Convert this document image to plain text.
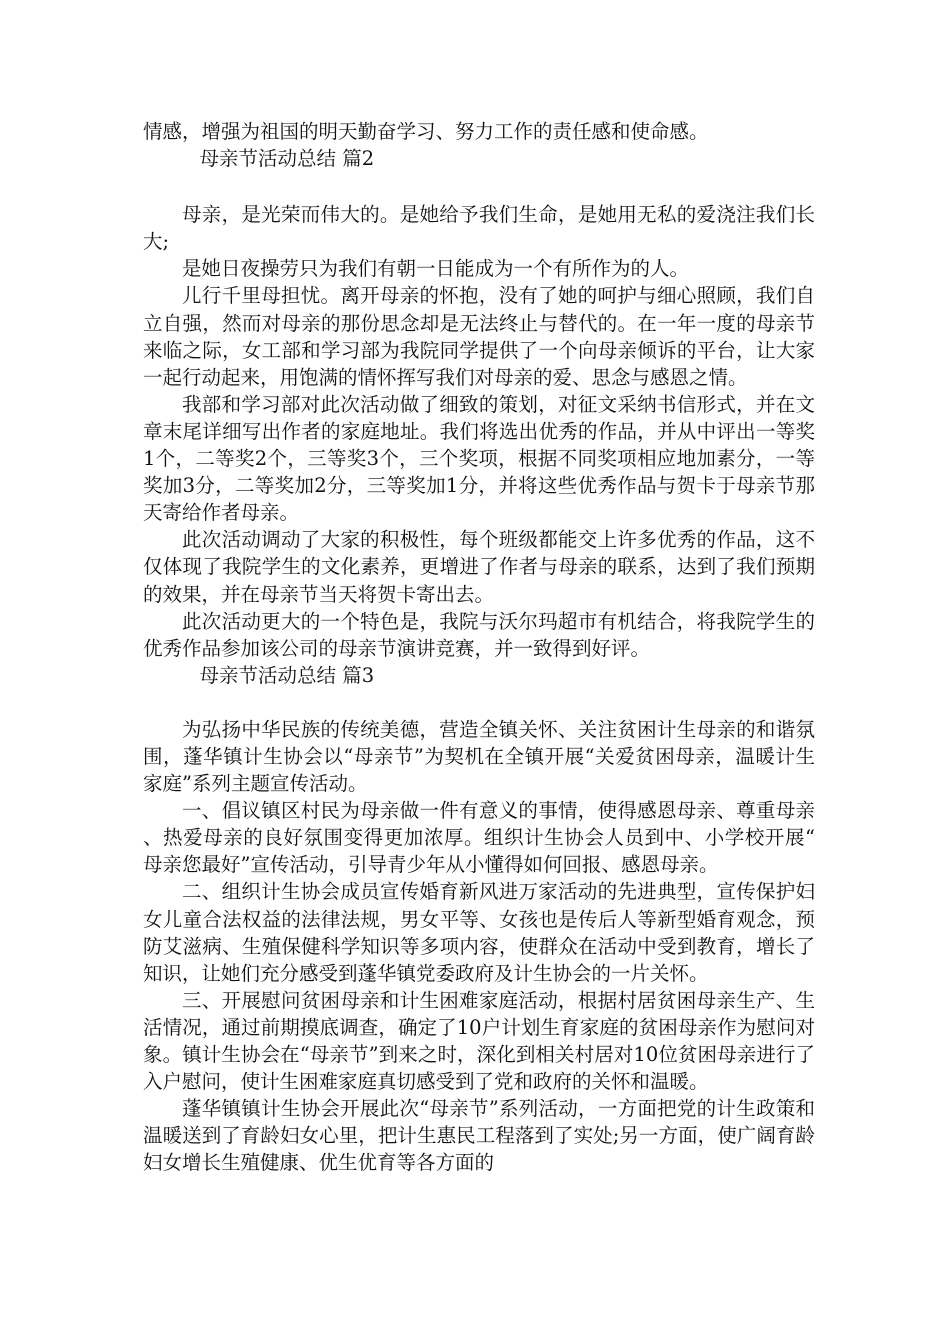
情感，增强为祖国的明天勤奋学习、努力工作的责任感和使命感。

母亲节活动总结 篇2

母亲，是光荣而伟大的。是她给予我们生命，是她用无私的爱浇注我们长大;

是她日夜操劳只为我们有朝一日能成为一个有所作为的人。

儿行千里母担忧。离开母亲的怀抱，没有了她的呵护与细心照顾，我们自立自强，然而对母亲的那份思念却是无法终止与替代的。在一年一度的母亲节来临之际，女工部和学习部为我院同学提供了一个向母亲倾诉的平台，让大家一起行动起来，用饱满的情怀挥写我们对母亲的爱、思念与感恩之情。

我部和学习部对此次活动做了细致的策划，对征文采纳书信形式，并在文章末尾详细写出作者的家庭地址。我们将选出优秀的作品，并从中评出一等奖1个，二等奖2个，三等奖3个，三个奖项，根据不同奖项相应地加素分，一等奖加3分，二等奖加2分，三等奖加1分，并将这些优秀作品与贺卡于母亲节那天寄给作者母亲。

此次活动调动了大家的积极性，每个班级都能交上许多优秀的作品，这不仅体现了我院学生的文化素养，更增进了作者与母亲的联系，达到了我们预期的效果，并在母亲节当天将贺卡寄出去。

此次活动更大的一个特色是，我院与沃尔玛超市有机结合，将我院学生的优秀作品参加该公司的母亲节演讲竞赛，并一致得到好评。

母亲节活动总结 篇3

为弘扬中华民族的传统美德，营造全镇关怀、关注贫困计生母亲的和谐氛围，蓬华镇计生协会以“母亲节”为契机在全镇开展“关爱贫困母亲，温暖计生家庭”系列主题宣传活动。

一、倡议镇区村民为母亲做一件有意义的事情，使得感恩母亲、尊重母亲、热爱母亲的良好氛围变得更加浓厚。组织计生协会人员到中、小学校开展“母亲您最好”宣传活动，引导青少年从小懂得如何回报、感恩母亲。

二、组织计生协会成员宣传婚育新风进万家活动的先进典型，宣传保护妇女儿童合法权益的法律法规，男女平等、女孩也是传后人等新型婚育观念，预防艾滋病、生殖保健科学知识等多项内容，使群众在活动中受到教育，增长了知识，让她们充分感受到蓬华镇党委政府及计生协会的一片关怀。

三、开展慰问贫困母亲和计生困难家庭活动，根据村居贫困母亲生产、生活情况，通过前期摸底调查，确定了10户计划生育家庭的贫困母亲作为慰问对象。镇计生协会在“母亲节”到来之时，深化到相关村居对10位贫困母亲进行了入户慰问，使计生困难家庭真切感受到了党和政府的关怀和温暖。

蓬华镇镇计生协会开展此次“母亲节”系列活动，一方面把党的计生政策和温暖送到了育龄妇女心里，把计生惠民工程落到了实处;另一方面，使广阔育龄妇女增长生殖健康、优生优育等各方面的
